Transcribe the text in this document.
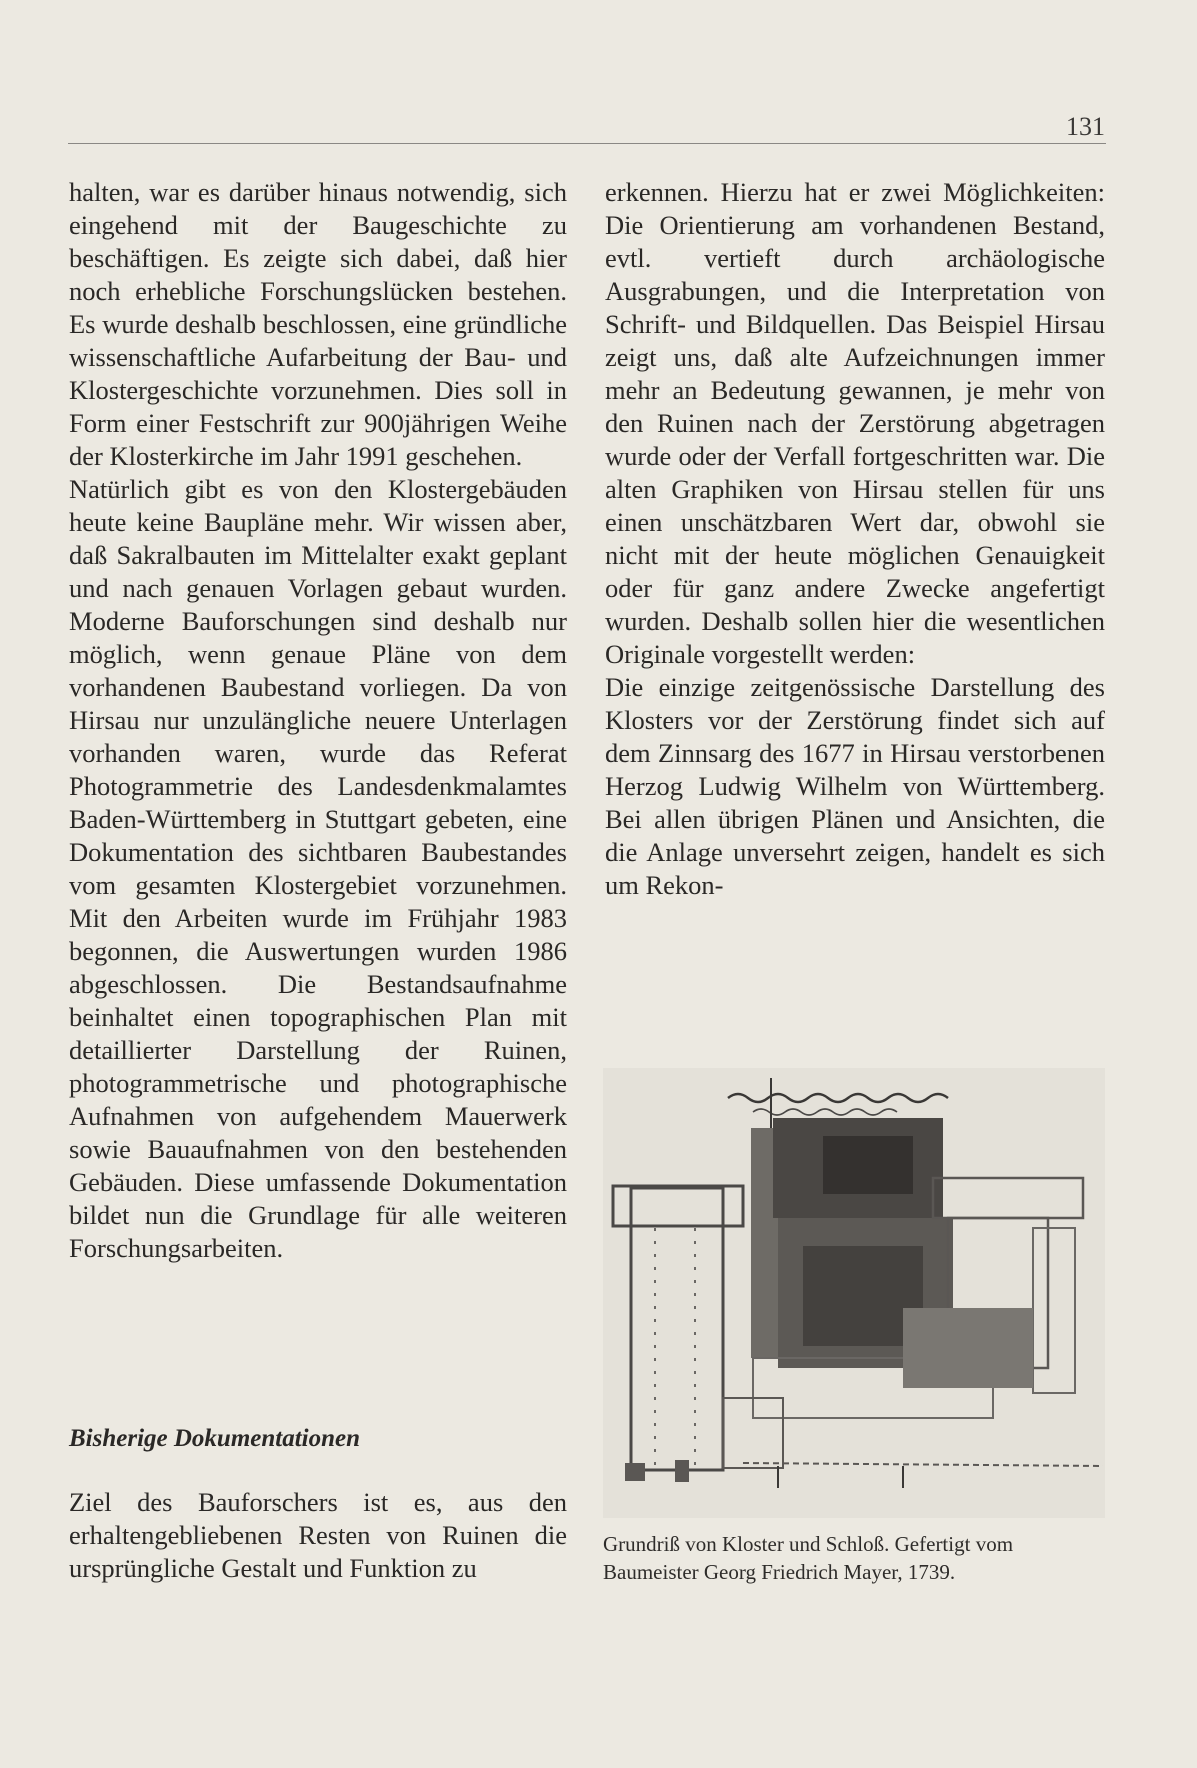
131

halten, war es darüber hinaus notwendig, sich eingehend mit der Baugeschichte zu beschäftigen. Es zeigte sich dabei, daß hier noch erhebliche Forschungslücken bestehen. Es wurde deshalb beschlossen, eine gründliche wissenschaftliche Aufarbeitung der Bau- und Klostergeschichte vorzunehmen. Dies soll in Form einer Festschrift zur 900jährigen Weihe der Klosterkirche im Jahr 1991 geschehen.

Natürlich gibt es von den Klostergebäuden heute keine Baupläne mehr. Wir wissen aber, daß Sakralbauten im Mittelalter exakt geplant und nach genauen Vorlagen gebaut wurden. Moderne Bauforschungen sind deshalb nur möglich, wenn genaue Pläne von dem vorhandenen Baubestand vorliegen. Da von Hirsau nur unzulängliche neuere Unterlagen vorhanden waren, wurde das Referat Photogrammetrie des Landesdenkmalamtes Baden-Württemberg in Stuttgart gebeten, eine Dokumentation des sichtbaren Baubestandes vom gesamten Klostergebiet vorzunehmen. Mit den Arbeiten wurde im Frühjahr 1983 begonnen, die Auswertungen wurden 1986 abgeschlossen. Die Bestandsaufnahme beinhaltet einen topographischen Plan mit detaillierter Darstellung der Ruinen, photogrammetrische und photographische Aufnahmen von aufgehendem Mauerwerk sowie Bauaufnahmen von den bestehenden Gebäuden. Diese umfassende Dokumentation bildet nun die Grundlage für alle weiteren Forschungsarbeiten.

Bisherige Dokumentationen

Ziel des Bauforschers ist es, aus den erhaltengebliebenen Resten von Ruinen die ursprüngliche Gestalt und Funktion zu

erkennen. Hierzu hat er zwei Möglichkeiten: Die Orientierung am vorhandenen Bestand, evtl. vertieft durch archäologische Ausgrabungen, und die Interpretation von Schrift- und Bildquellen. Das Beispiel Hirsau zeigt uns, daß alte Aufzeichnungen immer mehr an Bedeutung gewannen, je mehr von den Ruinen nach der Zerstörung abgetragen wurde oder der Verfall fortgeschritten war. Die alten Graphiken von Hirsau stellen für uns einen unschätzbaren Wert dar, obwohl sie nicht mit der heute möglichen Genauigkeit oder für ganz andere Zwecke angefertigt wurden. Deshalb sollen hier die wesentlichen Originale vorgestellt werden:

Die einzige zeitgenössische Darstellung des Klosters vor der Zerstörung findet sich auf dem Zinnsarg des 1677 in Hirsau verstorbenen Herzog Ludwig Wilhelm von Württemberg. Bei allen übrigen Plänen und Ansichten, die die Anlage unversehrt zeigen, handelt es sich um Rekon-

Grundriß von Kloster und Schloß. Gefertigt vom Baumeister Georg Friedrich Mayer, 1739.
